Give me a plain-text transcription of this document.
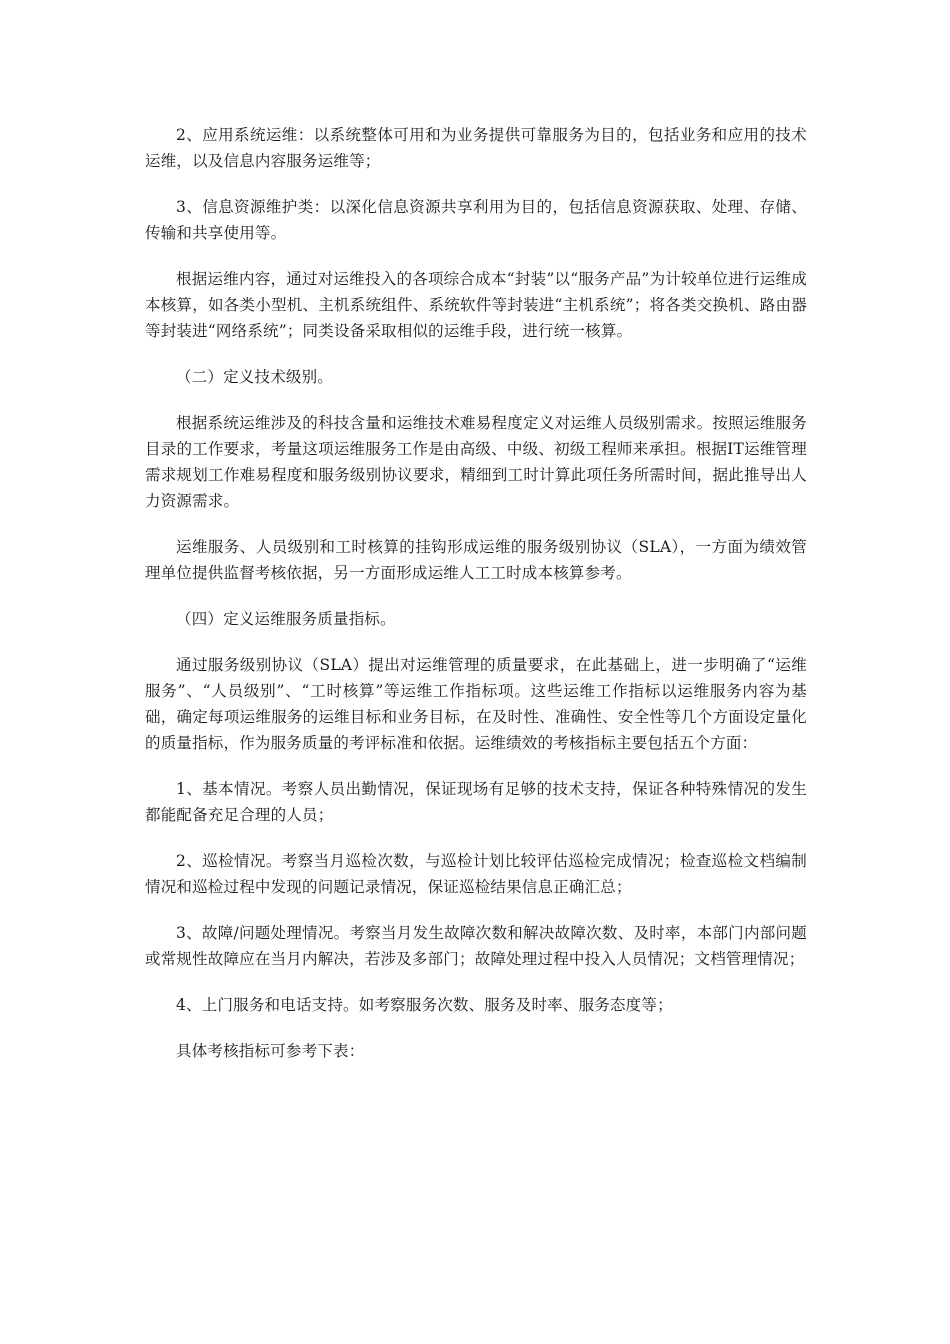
2、应用系统运维：以系统整体可用和为业务提供可靠服务为目的，包括业务和应用的技术运维，以及信息内容服务运维等；

3、信息资源维护类：以深化信息资源共享利用为目的，包括信息资源获取、处理、存储、传输和共享使用等。

根据运维内容，通过对运维投入的各项综合成本“封装”以“服务产品”为计较单位进行运维成本核算，如各类小型机、主机系统组件、系统软件等封装进“主机系统”；将各类交换机、路由器等封装进“网络系统”；同类设备采取相似的运维手段，进行统一核算。

（二）定义技术级别。

根据系统运维涉及的科技含量和运维技术难易程度定义对运维人员级别需求。按照运维服务目录的工作要求，考量这项运维服务工作是由高级、中级、初级工程师来承担。根据IT运维管理需求规划工作难易程度和服务级别协议要求，精细到工时计算此项任务所需时间，据此推导出人力资源需求。

运维服务、人员级别和工时核算的挂钩形成运维的服务级别协议（SLA），一方面为绩效管理单位提供监督考核依据，另一方面形成运维人工工时成本核算参考。

（四）定义运维服务质量指标。

通过服务级别协议（SLA）提出对运维管理的质量要求，在此基础上，进一步明确了“运维服务”、“人员级别”、“工时核算”等运维工作指标项。这些运维工作指标以运维服务内容为基础，确定每项运维服务的运维目标和业务目标，在及时性、准确性、安全性等几个方面设定量化的质量指标，作为服务质量的考评标准和依据。运维绩效的考核指标主要包括五个方面：

1、基本情况。考察人员出勤情况，保证现场有足够的技术支持，保证各种特殊情况的发生都能配备充足合理的人员；

2、巡检情况。考察当月巡检次数，与巡检计划比较评估巡检完成情况；检查巡检文档编制情况和巡检过程中发现的问题记录情况，保证巡检结果信息正确汇总；

3、故障/问题处理情况。考察当月发生故障次数和解决故障次数、及时率，本部门内部问题或常规性故障应在当月内解决，若涉及多部门；故障处理过程中投入人员情况；文档管理情况；

4、上门服务和电话支持。如考察服务次数、服务及时率、服务态度等；

具体考核指标可参考下表：
